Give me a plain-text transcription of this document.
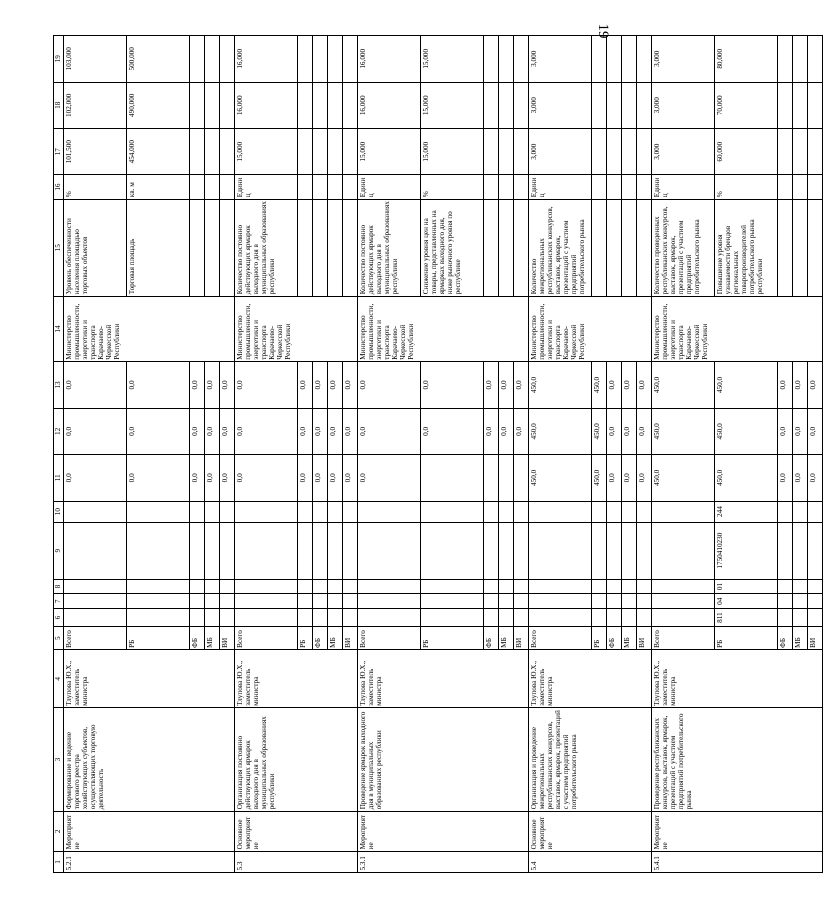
19
1	2	3	4	5	6	7	8	9	10	11	12	13	14	15	16	17	18	19
5.2.1	Мероприятие	Формирование и ведение торгового реестра хозяйствующих субъектов, осуществляющих торговую деятельность	Тлупова Ю.Х., заместитель министра	Всего						0,0	0,0	0,0	Министерство промышленности, энергетики и транспорта Карачаево-Черкесской Республики	Уровень обеспеченности населения площадью торговых объектов	%	101,500	102,000	103,000
				РБ						0,0	0,0	0,0		Торговая площадь	кв. м	454,000	490,000	500,000
				ФБ						0,0	0,0	0,0						
				МБ						0,0	0,0	0,0						
				ВИ						0,0	0,0	0,0						
5.3	Основное мероприятие	Организация постоянно действующих ярмарок выходного дня в муниципальных образованиях республики	Тлупова Ю.Х., заместитель министра	Всего						0,0	0,0	0,0	Министерство промышленности, энергетики и транспорта Карачаево-Черкесской Республики	Количество постоянно действующих ярмарок выходного дня в муниципальных образованиях республики	Единиц	15,000	16,000	16,000
				РБ						0,0	0,0	0,0						
				ФБ						0,0	0,0	0,0						
				МБ						0,0	0,0	0,0						
				ВИ						0,0	0,0	0,0						
5.3.1	Мероприятие	Проведение ярмарок выходного дня в муниципальных образованиях республики	Тлупова Ю.Х., заместитель министра	Всего						0,0	0,0	0,0	Министерство промышленности, энергетики и транспорта Карачаево-Черкесской Республики	Количество постоянно действующих ярмарок выходного дня в муниципальных образованиях республики	Единиц	15,000	16,000	16,000
				РБ							0,0	0,0		Снижение уровня цен на товары, представленных на ярмарках выходного дня, ниже рыночного уровня по республике	%	15,000	15,000	15,000
				ФБ							0,0	0,0						
				МБ							0,0	0,0						
				ВИ							0,0	0,0						
5.4	Основное мероприятие	Организация и проведение межрегиональных республиканских конкурсов, выставок, ярмарок, презентаций с участием предприятий потребительского рынка	Тлупова Ю.Х., заместитель министра	Всего						450,0	450,0	450,0	Министерство промышленности, энергетики и транспорта Карачаево-Черкесской Республики	Количество межрегиональных республиканских конкурсов, выставок, ярмарок, презентаций с участием предприятий потребительского рынка	Единиц	3,000	3,000	3,000
				РБ						450,0	450,0	450,0						
				ФБ						0,0	0,0	0,0						
				МБ						0,0	0,0	0,0						
				ВИ						0,0	0,0	0,0						
5.4.1	Мероприятие	Проведение республиканских конкурсов, выставок, ярмарок, презентаций с участием предприятий потребительского рынка	Тлупова Ю.Х., заместитель министра	Всего						450,0	450,0	450,0	Министерство промышленности, энергетики и транспорта Карачаево-Черкесской Республики	Количество проведенных республиканских конкурсов, выставок, ярмарок, презентаций с участием предприятий потребительского рынка	Единиц	3,000	3,000	3,000
				РБ	811	04	01	1750410230	244	450,0	450,0	450,0		Повышение уровня узнаваемости брендов региональных товаропроизводителей потребительского рынка республики	%	60,000	70,000	80,000
				ФБ						0,0	0,0	0,0						
				МБ						0,0	0,0	0,0						
				ВИ						0,0	0,0	0,0						
